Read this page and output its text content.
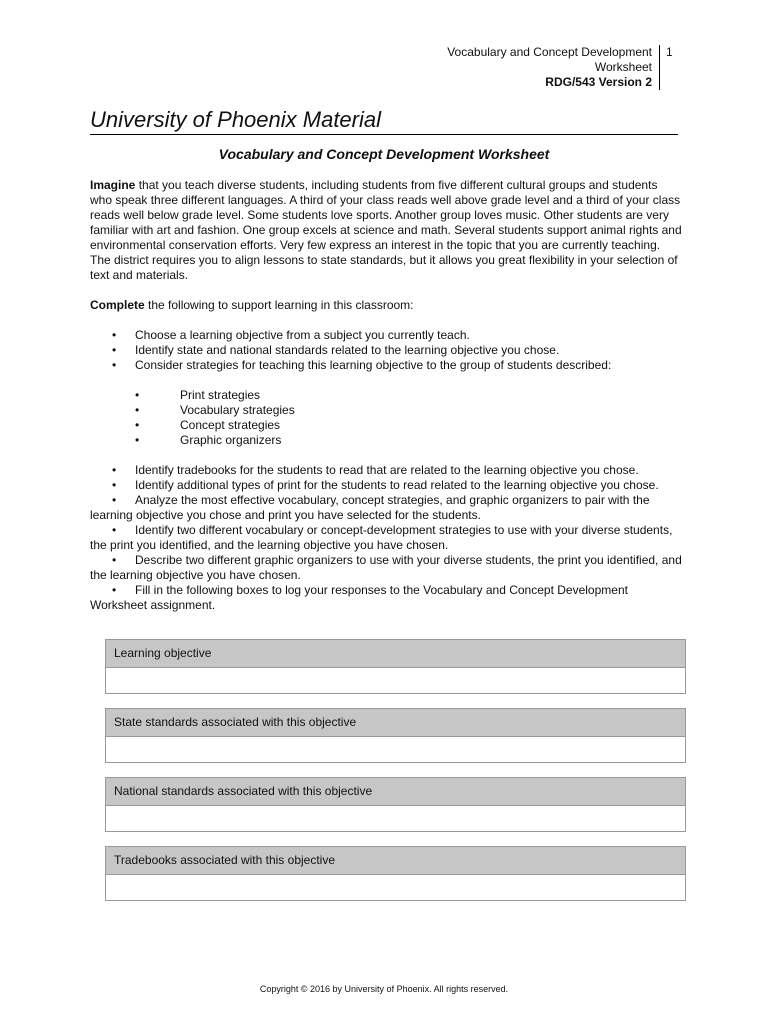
Vocabulary and Concept Development
Worksheet
RDG/543 Version 2
1
University of Phoenix Material
Vocabulary and Concept Development Worksheet

Imagine that you teach diverse students, including students from five different cultural groups and students who speak three different languages. A third of your class reads well above grade level and a third of your class reads well below grade level. Some students love sports. Another group loves music. Other students are very familiar with art and fashion. One group excels at science and math. Several students support animal rights and environmental conservation efforts. Very few express an interest in the topic that you are currently teaching. The district requires you to align lessons to state standards, but it allows you great flexibility in your selection of text and materials.

Complete the following to support learning in this classroom:

• Choose a learning objective from a subject you currently teach.
• Identify state and national standards related to the learning objective you chose.
• Consider strategies for teaching this learning objective to the group of students described:
• Print strategies
• Vocabulary strategies
• Concept strategies
• Graphic organizers
• Identify tradebooks for the students to read that are related to the learning objective you chose.
• Identify additional types of print for the students to read related to the learning objective you chose.
• Analyze the most effective vocabulary, concept strategies, and graphic organizers to pair with the learning objective you chose and print you have selected for the students.
• Identify two different vocabulary or concept-development strategies to use with your diverse students, the print you identified, and the learning objective you have chosen.
• Describe two different graphic organizers to use with your diverse students, the print you identified, and the learning objective you have chosen.
• Fill in the following boxes to log your responses to the Vocabulary and Concept Development Worksheet assignment.
Learning objective
State standards associated with this objective
National standards associated with this objective
Tradebooks associated with this objective
Copyright © 2016 by University of Phoenix. All rights reserved.
